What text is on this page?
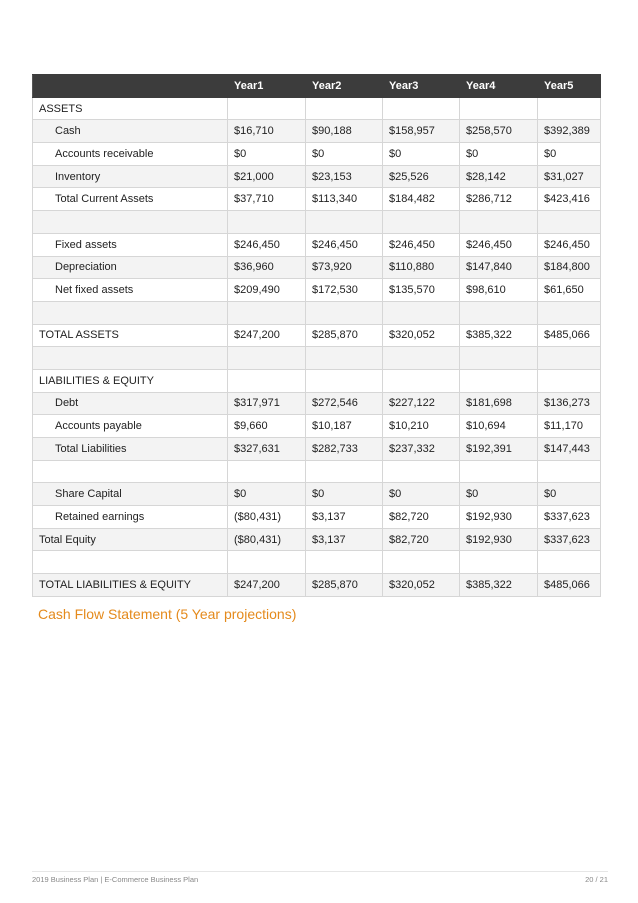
	Year1	Year2	Year3	Year4	Year5
ASSETS					
Cash	$16,710	$90,188	$158,957	$258,570	$392,389
Accounts receivable	$0	$0	$0	$0	$0
Inventory	$21,000	$23,153	$25,526	$28,142	$31,027
Total Current Assets	$37,710	$113,340	$184,482	$286,712	$423,416

Fixed assets	$246,450	$246,450	$246,450	$246,450	$246,450
Depreciation	$36,960	$73,920	$110,880	$147,840	$184,800
Net fixed assets	$209,490	$172,530	$135,570	$98,610	$61,650

TOTAL ASSETS	$247,200	$285,870	$320,052	$385,322	$485,066

LIABILITIES & EQUITY					
Debt	$317,971	$272,546	$227,122	$181,698	$136,273
Accounts payable	$9,660	$10,187	$10,210	$10,694	$11,170
Total Liabilities	$327,631	$282,733	$237,332	$192,391	$147,443

Share Capital	$0	$0	$0	$0	$0
Retained earnings	($80,431)	$3,137	$82,720	$192,930	$337,623
Total Equity	($80,431)	$3,137	$82,720	$192,930	$337,623

TOTAL LIABILITIES & EQUITY	$247,200	$285,870	$320,052	$385,322	$485,066
Cash Flow Statement (5 Year projections)
2019 Business Plan | E-Commerce Business Plan	20 / 21
